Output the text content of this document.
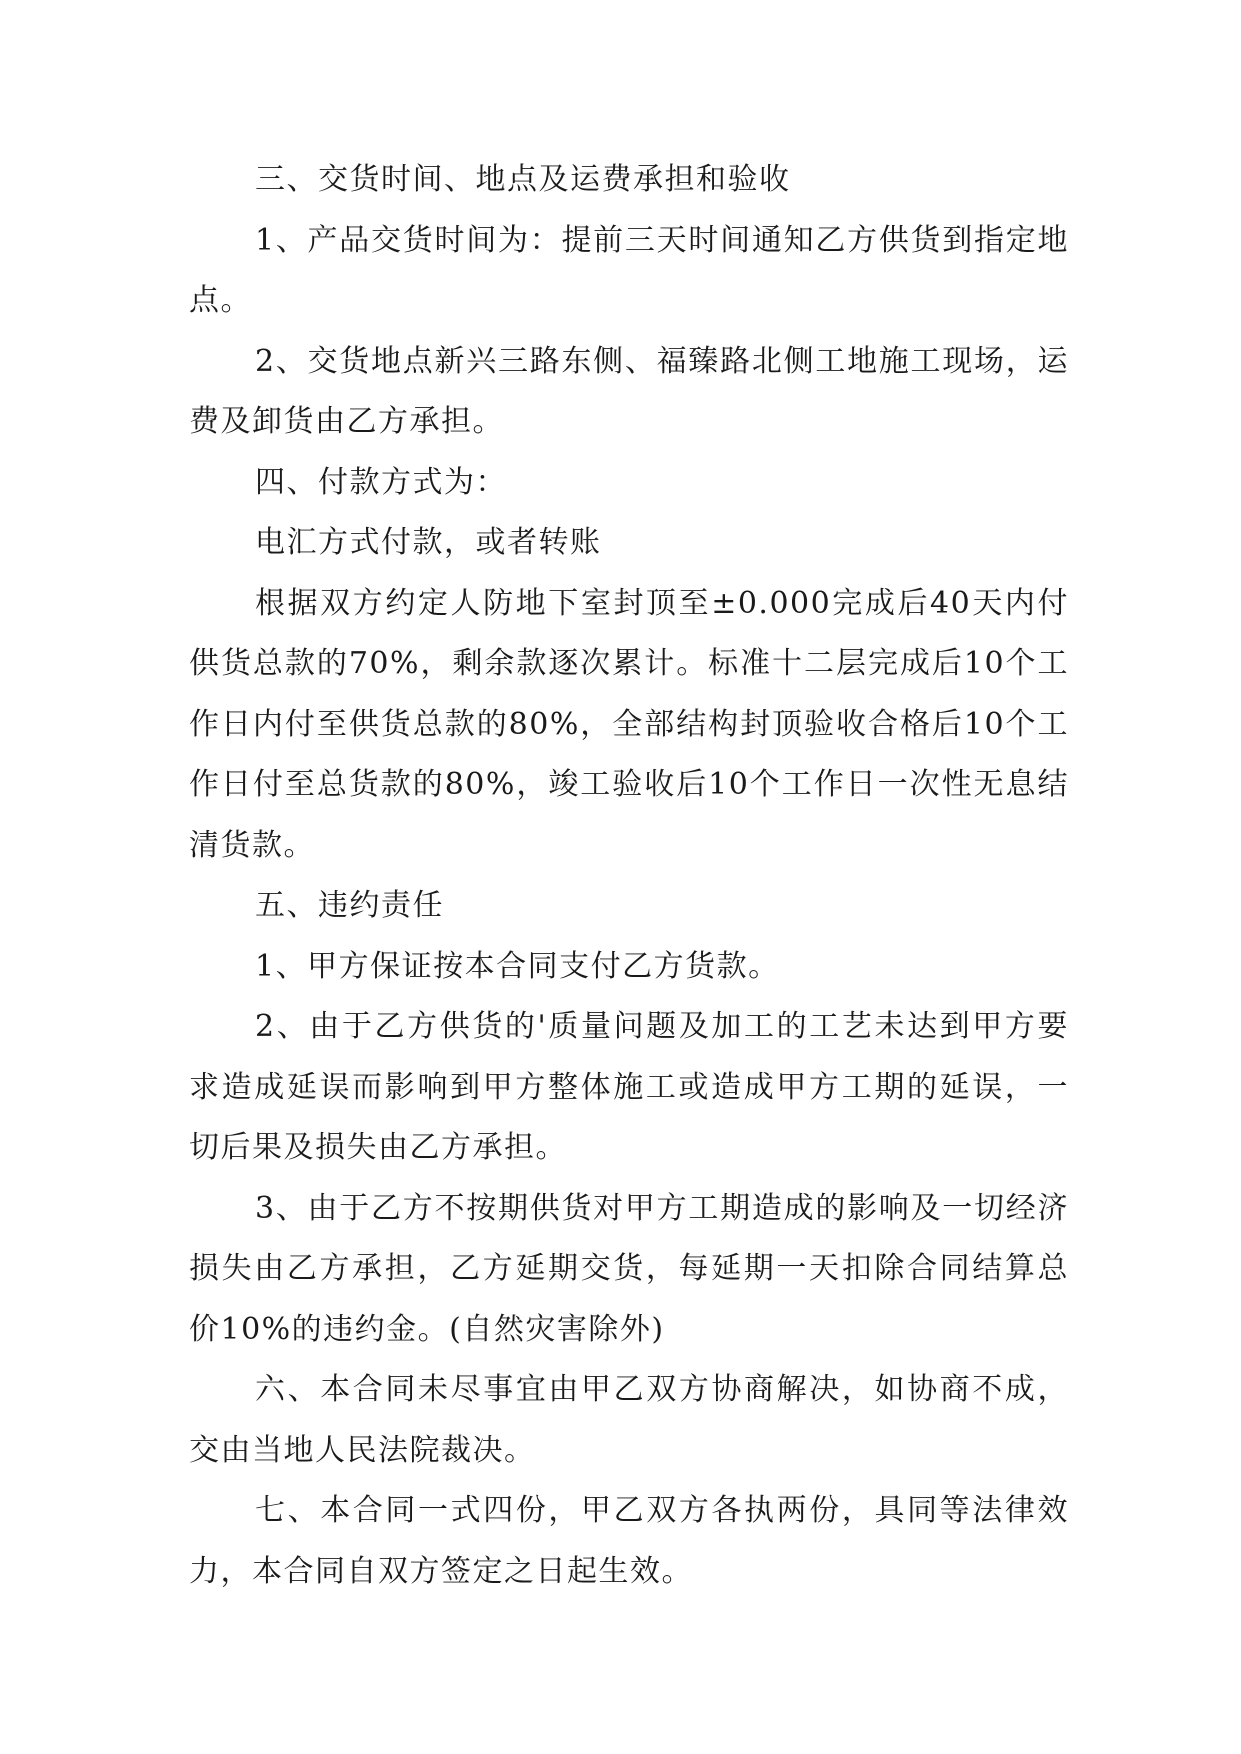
三、交货时间、地点及运费承担和验收

1、产品交货时间为：提前三天时间通知乙方供货到指定地点。

2、交货地点新兴三路东侧、福臻路北侧工地施工现场，运费及卸货由乙方承担。

四、付款方式为：

电汇方式付款，或者转账

根据双方约定人防地下室封顶至±0.000完成后40天内付供货总款的70%，剩余款逐次累计。标准十二层完成后10个工作日内付至供货总款的80%，全部结构封顶验收合格后10个工作日付至总货款的80%，竣工验收后10个工作日一次性无息结清货款。

五、违约责任

1、甲方保证按本合同支付乙方货款。

2、由于乙方供货的'质量问题及加工的工艺未达到甲方要求造成延误而影响到甲方整体施工或造成甲方工期的延误，一切后果及损失由乙方承担。

3、由于乙方不按期供货对甲方工期造成的影响及一切经济损失由乙方承担，乙方延期交货，每延期一天扣除合同结算总价10%的违约金。(自然灾害除外)

六、本合同未尽事宜由甲乙双方协商解决，如协商不成，交由当地人民法院裁决。

七、本合同一式四份，甲乙双方各执两份，具同等法律效力，本合同自双方签定之日起生效。
